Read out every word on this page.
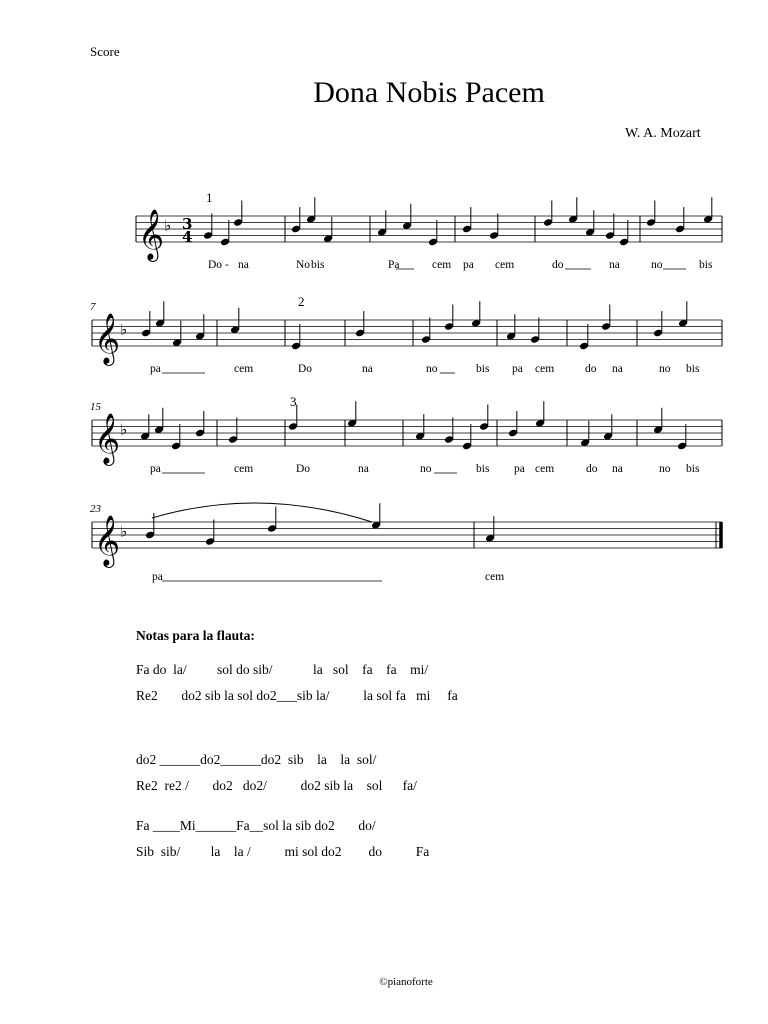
Score
Dona Nobis Pacem
W. A. Mozart
𝄞 ♭ 3
4
1
Do - na	No bis	Pa	cem pa cem	do	na	no	bis
𝄞 ♭
7	2
pa	cem	Do	na	no	bis pa cem	do na	no bis
𝄞 ♭
15	3
pa	cem	Do	na	no	bis pa cem	do na	no bis
𝄞 ♭
23
pa	cem
Notas para la flauta:
Fa do  la/         sol do sib/            la   sol    fa    fa    mi/
Re2       do2 sib la sol do2___sib la/          la sol fa   mi     fa
do2 ______do2______do2  sib    la    la  sol/
Re2  re2 /       do2   do2/          do2 sib la    sol      fa/
Fa ____Mi______Fa__sol la sib do2       do/
Sib  sib/         la    la /          mi sol do2        do          Fa
©pianoforte
